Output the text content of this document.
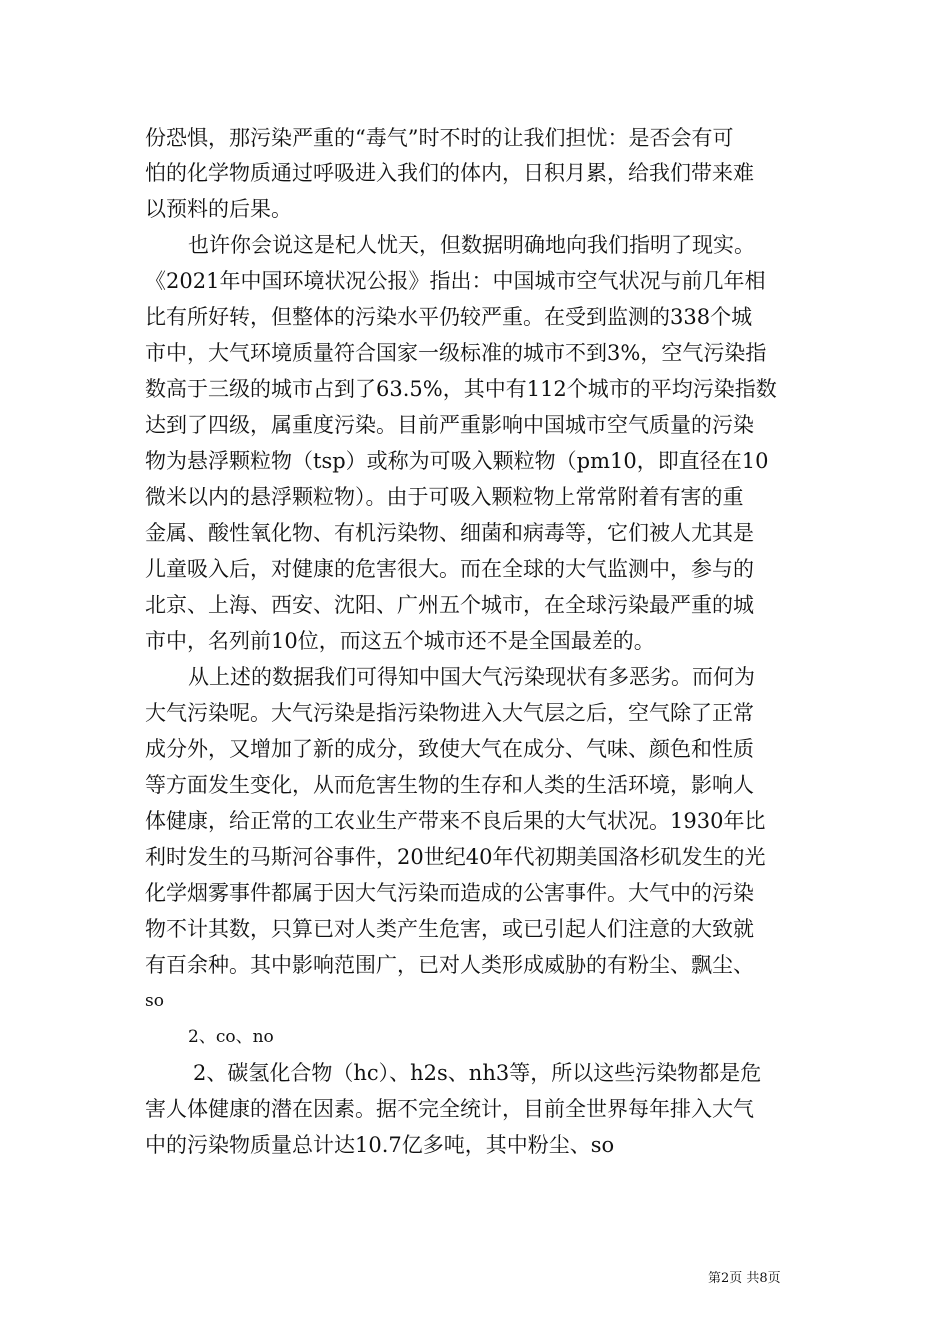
份恐惧，那污染严重的“毒气”时不时的让我们担忧：是否会有可
怕的化学物质通过呼吸进入我们的体内，日积月累，给我们带来难
以预料的后果。
也许你会说这是杞人忧天，但数据明确地向我们指明了现实。
《2021年中国环境状况公报》指出：中国城市空气状况与前几年相
比有所好转，但整体的污染水平仍较严重。在受到监测的338个城
市中，大气环境质量符合国家一级标准的城市不到3%，空气污染指
数高于三级的城市占到了63.5%，其中有112个城市的平均污染指数
达到了四级，属重度污染。目前严重影响中国城市空气质量的污染
物为悬浮颗粒物（tsp）或称为可吸入颗粒物（pm10，即直径在10
微米以内的悬浮颗粒物）。由于可吸入颗粒物上常常附着有害的重
金属、酸性氧化物、有机污染物、细菌和病毒等，它们被人尤其是
儿童吸入后，对健康的危害很大。而在全球的大气监测中，参与的
北京、上海、西安、沈阳、广州五个城市，在全球污染最严重的城
市中，名列前10位，而这五个城市还不是全国最差的。
从上述的数据我们可得知中国大气污染现状有多恶劣。而何为
大气污染呢。大气污染是指污染物进入大气层之后，空气除了正常
成分外，又增加了新的成分，致使大气在成分、气味、颜色和性质
等方面发生变化，从而危害生物的生存和人类的生活环境，影响人
体健康，给正常的工农业生产带来不良后果的大气状况。1930年比
利时发生的马斯河谷事件，20世纪40年代初期美国洛杉矶发生的光
化学烟雾事件都属于因大气污染而造成的公害事件。大气中的污染
物不计其数，只算已对人类产生危害，或已引起人们注意的大致就
有百余种。其中影响范围广，已对人类形成威胁的有粉尘、飘尘、
so
2、co、no
2、碳氢化合物（hc）、h2s、nh3等，所以这些污染物都是危
害人体健康的潜在因素。据不完全统计，目前全世界每年排入大气
中的污染物质量总计达10.7亿多吨，其中粉尘、so
第2页 共8页
